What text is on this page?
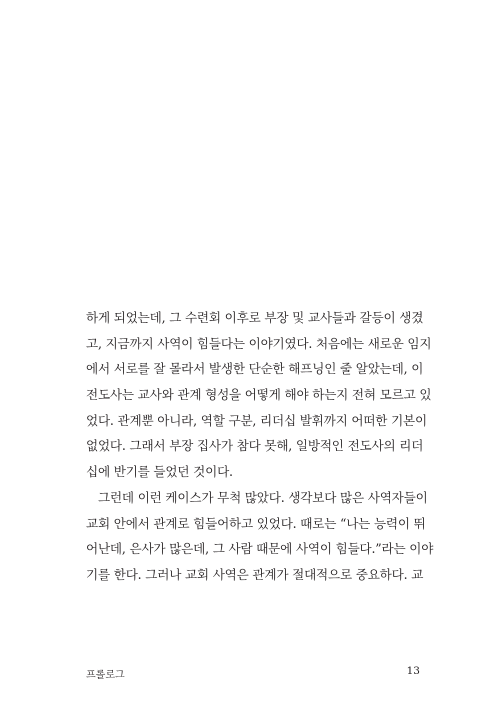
하게 되었는데, 그 수련회 이후로 부장 및 교사들과 갈등이 생겼
고, 지금까지 사역이 힘들다는 이야기였다. 처음에는 새로운 임지
에서 서로를 잘 몰라서 발생한 단순한 해프닝인 줄 알았는데, 이
전도사는 교사와 관계 형성을 어떻게 해야 하는지 전혀 모르고 있
었다. 관계뿐 아니라, 역할 구분, 리더십 발휘까지 어떠한 기본이
없었다. 그래서 부장 집사가 참다 못해, 일방적인 전도사의 리더
십에 반기를 들었던 것이다.
그런데 이런 케이스가 무척 많았다. 생각보다 많은 사역자들이
교회 안에서 관계로 힘들어하고 있었다. 때로는 “나는 능력이 뛰
어난데, 은사가 많은데, 그 사람 때문에 사역이 힘들다.”라는 이야
기를 한다. 그러나 교회 사역은 관계가 절대적으로 중요하다. 교
프롤로그	13
